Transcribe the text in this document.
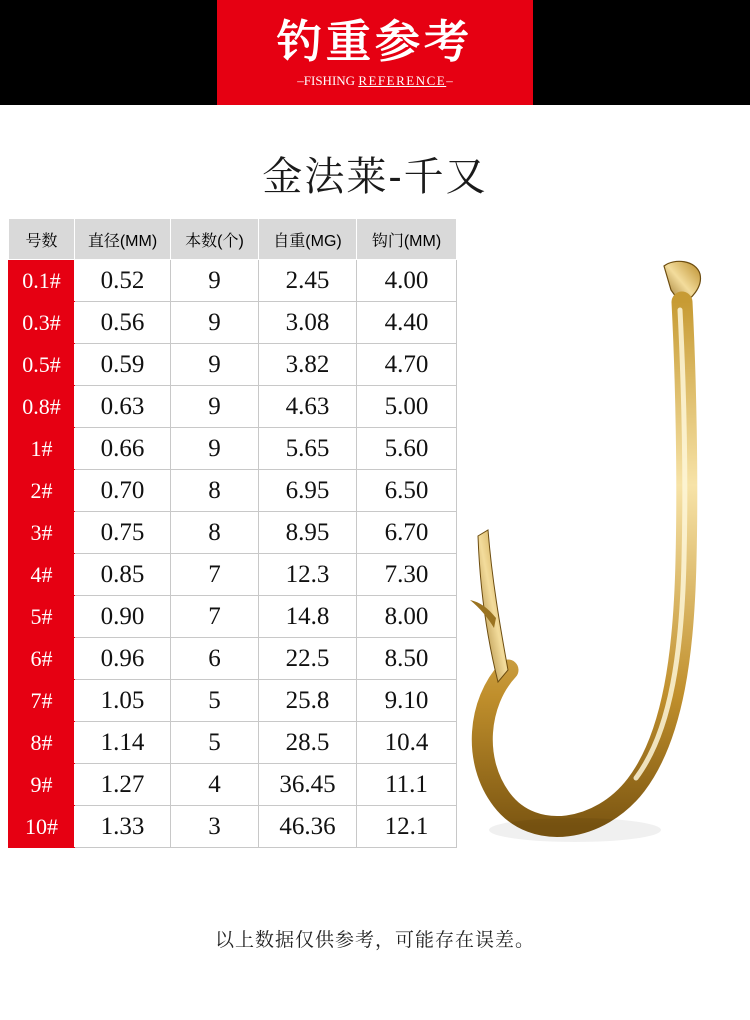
钓重参考
–FISHING REFERENCE–
金法莱-千又
号数	直径(MM)	本数(个)	自重(MG)	钩门(MM)
0.1#	0.52	9	2.45	4.00
0.3#	0.56	9	3.08	4.40
0.5#	0.59	9	3.82	4.70
0.8#	0.63	9	4.63	5.00
1#	0.66	9	5.65	5.60
2#	0.70	8	6.95	6.50
3#	0.75	8	8.95	6.70
4#	0.85	7	12.3	7.30
5#	0.90	7	14.8	8.00
6#	0.96	6	22.5	8.50
7#	1.05	5	25.8	9.10
8#	1.14	5	28.5	10.4
9#	1.27	4	36.45	11.1
10#	1.33	3	46.36	12.1
以上数据仅供参考，可能存在误差。
